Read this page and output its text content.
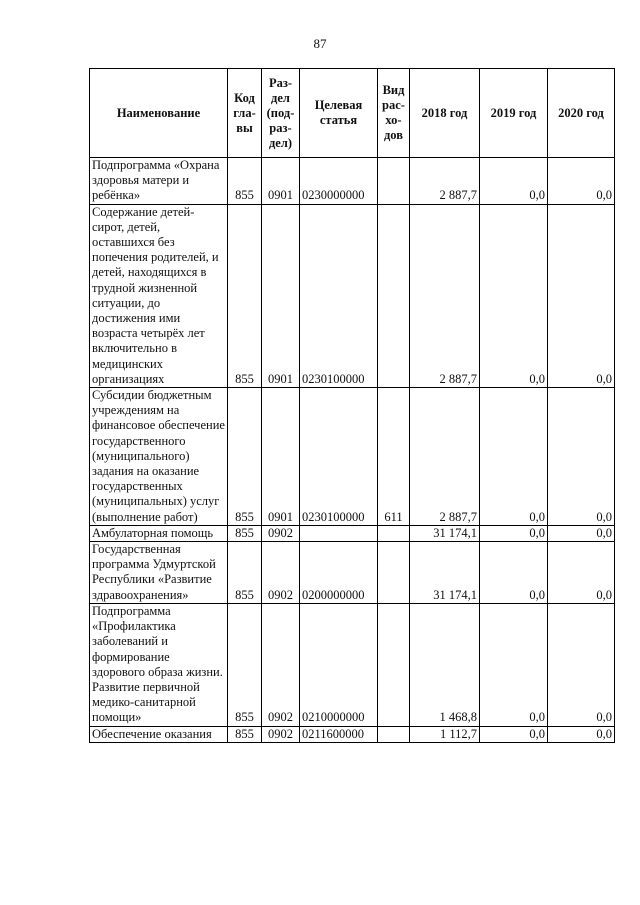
87
Наименование	Код гла-вы	Раз-дел (под-раз-дел)	Целевая статья	Вид рас-хо-дов	2018 год	2019 год	2020 год
Подпрограмма «Охрана здоровья матери и ребёнка»	855	0901	0230000000		2 887,7	0,0	0,0
Содержание детей-сирот, детей, оставшихся без попечения родителей, и детей, находящихся в трудной жизненной ситуации, до достижения ими возраста четырёх лет включительно в медицинских организациях	855	0901	0230100000		2 887,7	0,0	0,0
Субсидии бюджетным учреждениям на финансовое обеспечение государственного (муниципального) задания на оказание государственных (муниципальных) услуг (выполнение работ)	855	0901	0230100000	611	2 887,7	0,0	0,0
Амбулаторная помощь	855	0902			31 174,1	0,0	0,0
Государственная программа Удмуртской Республики «Развитие здравоохранения»	855	0902	0200000000		31 174,1	0,0	0,0
Подпрограмма «Профилактика заболеваний и формирование здорового образа жизни. Развитие первичной медико-санитарной помощи»	855	0902	0210000000		1 468,8	0,0	0,0
Обеспечение оказания	855	0902	0211600000		1 112,7	0,0	0,0
